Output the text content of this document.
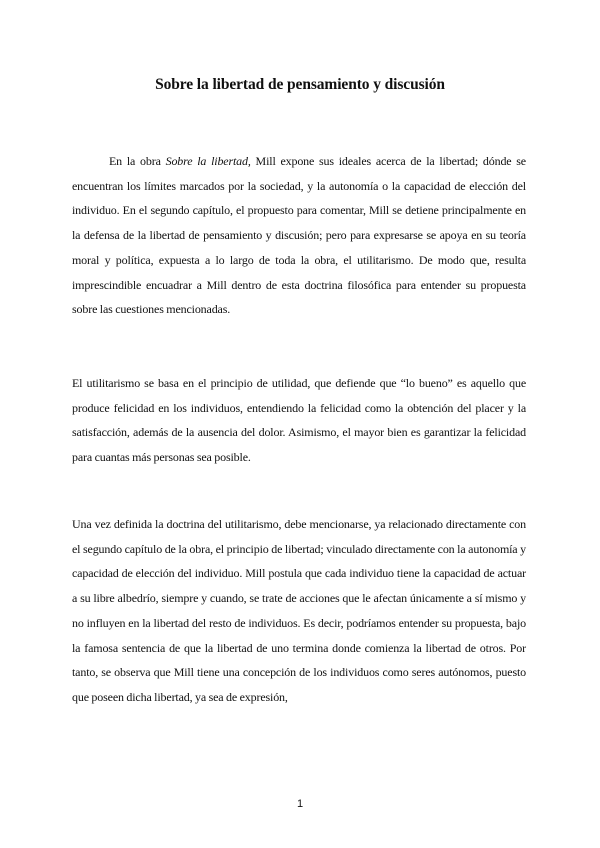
Sobre la libertad de pensamiento y discusión

En la obra Sobre la libertad, Mill expone sus ideales acerca de la libertad; dónde se encuentran los límites marcados por la sociedad, y la autonomía o la capacidad de elección del individuo. En el segundo capítulo, el propuesto para comentar, Mill se detiene principalmente en la defensa de la libertad de pensamiento y discusión; pero para expresarse se apoya en su teoría moral y política, expuesta a lo largo de toda la obra, el utilitarismo. De modo que, resulta imprescindible encuadrar a Mill dentro de esta doctrina filosófica para entender su propuesta sobre las cuestiones mencionadas.

El utilitarismo se basa en el principio de utilidad, que defiende que “lo bueno” es aquello que produce felicidad en los individuos, entendiendo la felicidad como la obtención del placer y la satisfacción, además de la ausencia del dolor. Asimismo, el mayor bien es garantizar la felicidad para cuantas más personas sea posible.

Una vez definida la doctrina del utilitarismo, debe mencionarse, ya relacionado directamente con el segundo capítulo de la obra, el principio de libertad; vinculado directamente con la autonomía y capacidad de elección del individuo. Mill postula que cada individuo tiene la capacidad de actuar a su libre albedrío, siempre y cuando, se trate de acciones que le afectan únicamente a sí mismo y no influyen en la libertad del resto de individuos. Es decir, podríamos entender su propuesta, bajo la famosa sentencia de que la libertad de uno termina donde comienza la libertad de otros. Por tanto, se observa que Mill tiene una concepción de los individuos como seres autónomos, puesto que poseen dicha libertad, ya sea de expresión,

1
